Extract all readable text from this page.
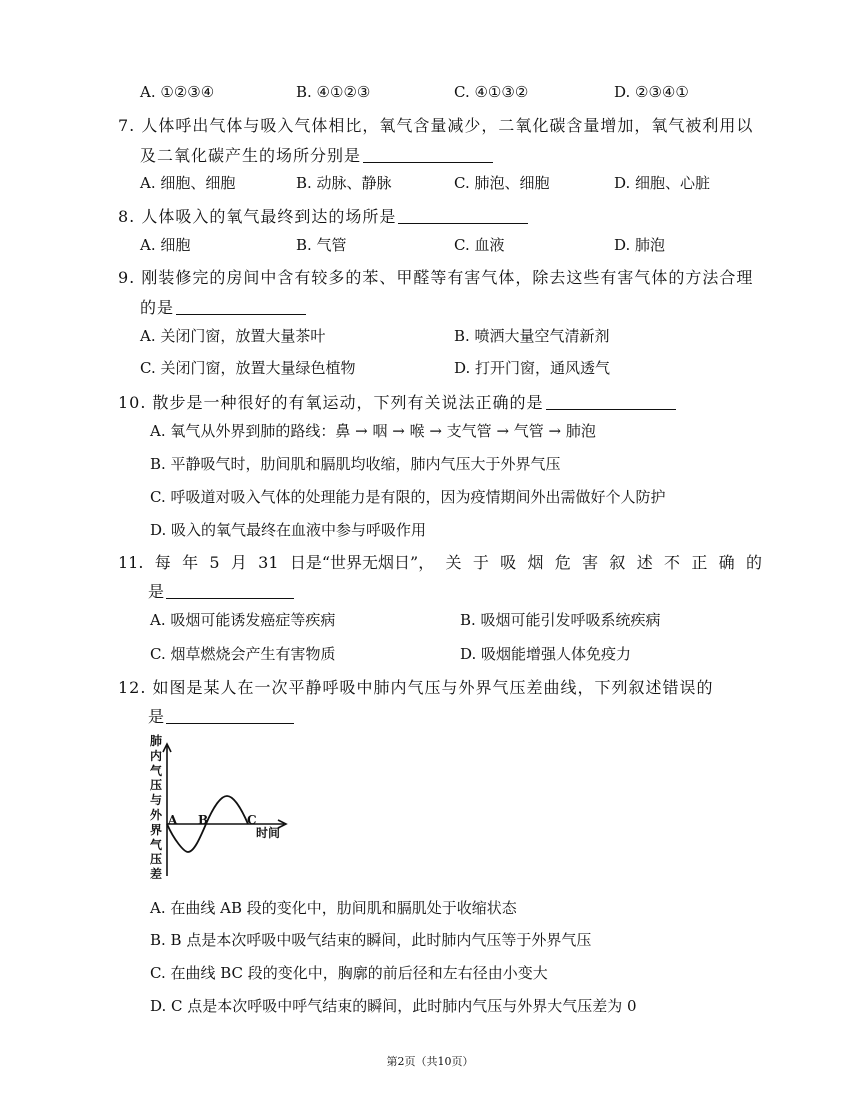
A. ①②③④	B. ④①②③	C. ④①③②	D. ②③④①
7. 人体呼出气体与吸入气体相比，氧气含量减少，二氧化碳含量增加，氧气被利用以
及二氧化碳产生的场所分别是
A. 细胞、细胞	B. 动脉、静脉	C. 肺泡、细胞	D. 细胞、心脏
8. 人体吸入的氧气最终到达的场所是
A. 细胞	B. 气管	C. 血液	D. 肺泡
9. 刚装修完的房间中含有较多的苯、甲醛等有害气体，除去这些有害气体的方法合理
的是
A. 关闭门窗，放置大量茶叶	B. 喷洒大量空气清新剂
C. 关闭门窗，放置大量绿色植物	D. 打开门窗，通风透气
10. 散步是一种很好的有氧运动，下列有关说法正确的是
A. 氧气从外界到肺的路线：鼻 → 咽 → 喉 → 支气管 → 气管 → 肺泡
B. 平静吸气时，肋间肌和膈肌均收缩，肺内气压大于外界气压
C. 呼吸道对吸入气体的处理能力是有限的，因为疫情期间外出需做好个人防护
D. 吸入的氧气最终在血液中参与呼吸作用
11. 每 年 5 月 31 日是“世界无烟日”， 关 于 吸 烟 危 害 叙 述 不 正 确 的
是
A. 吸烟可能诱发癌症等疾病	B. 吸烟可能引发呼吸系统疾病
C. 烟草燃烧会产生有害物质	D. 吸烟能增强人体免疫力
12. 如图是某人在一次平静呼吸中肺内气压与外界气压差曲线，下列叙述错误的
是
肺
内
气
压
与
外
界
气
压
差
A B	C
时间
A. 在曲线 AB 段的变化中，肋间肌和膈肌处于收缩状态
B. B 点是本次呼吸中吸气结束的瞬间，此时肺内气压等于外界气压
C. 在曲线 BC 段的变化中，胸廓的前后径和左右径由小变大
D. C 点是本次呼吸中呼气结束的瞬间，此时肺内气压与外界大气压差为 0
第2页（共10页）
